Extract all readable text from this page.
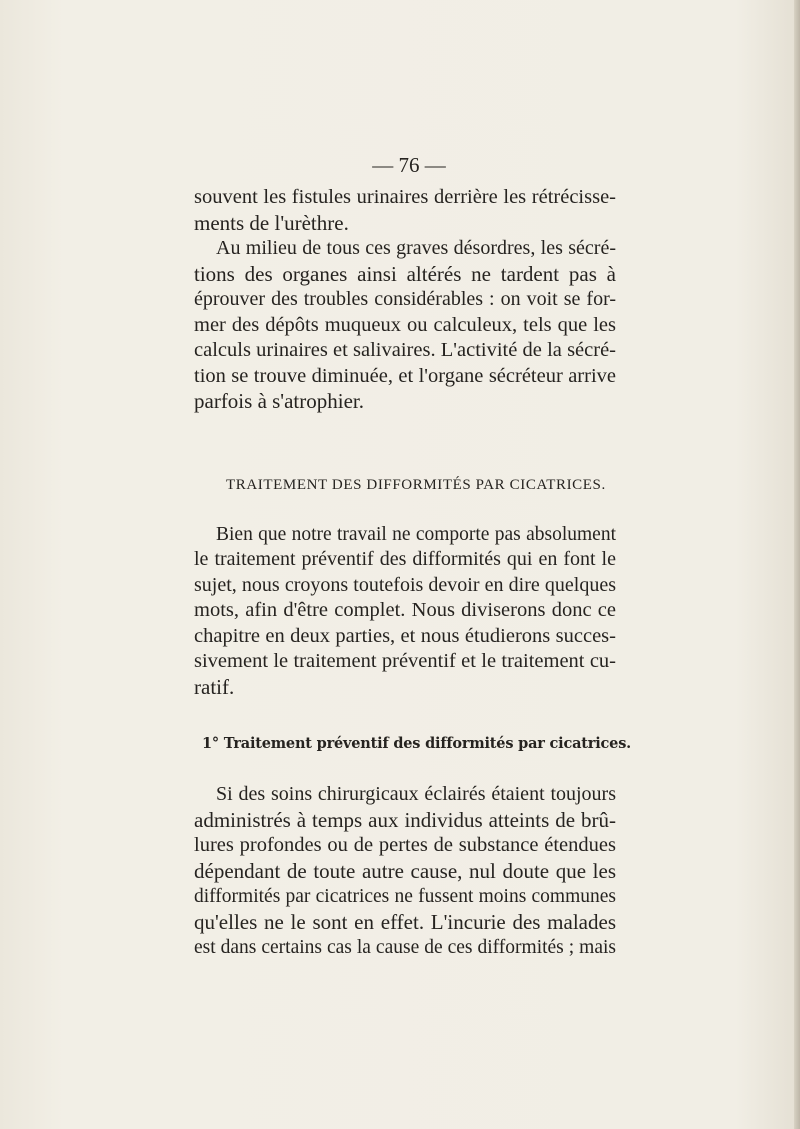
— 76 —
souvent les fistules urinaires derrière les rétrécisse-
ments de l'urèthre.
Au milieu de tous ces graves désordres, les sécré-
tions des organes ainsi altérés ne tardent pas à
éprouver des troubles considérables : on voit se for-
mer des dépôts muqueux ou calculeux, tels que les
calculs urinaires et salivaires. L'activité de la sécré-
tion se trouve diminuée, et l'organe sécréteur arrive
parfois à s'atrophier.
TRAITEMENT DES DIFFORMITÉS PAR CICATRICES.
Bien que notre travail ne comporte pas absolument
le traitement préventif des difformités qui en font le
sujet, nous croyons toutefois devoir en dire quelques
mots, afin d'être complet. Nous diviserons donc ce
chapitre en deux parties, et nous étudierons succes-
sivement le traitement préventif et le traitement cu-
ratif.
1° Traitement préventif des difformités par cicatrices.
Si des soins chirurgicaux éclairés étaient toujours
administrés à temps aux individus atteints de brû-
lures profondes ou de pertes de substance étendues
dépendant de toute autre cause, nul doute que les
difformités par cicatrices ne fussent moins communes
qu'elles ne le sont en effet. L'incurie des malades
est dans certains cas la cause de ces difformités ; mais
